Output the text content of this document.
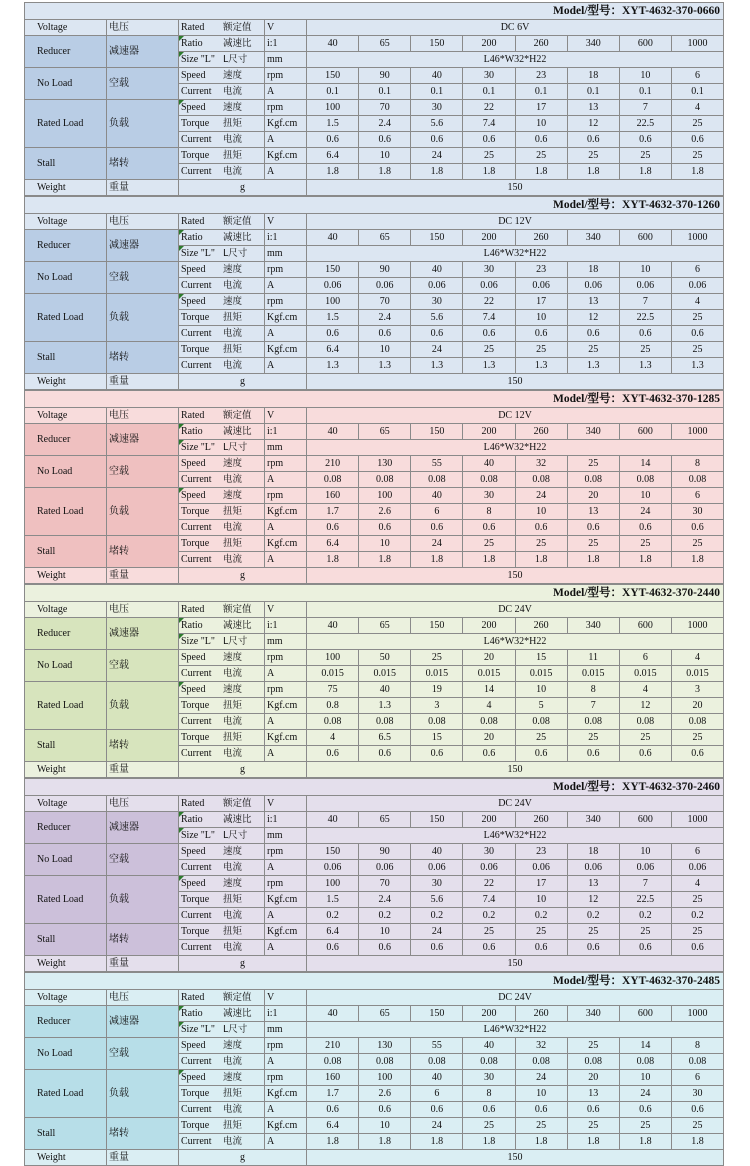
Model/型号：XYT-4632-370-0660											
Voltage	电压	Rated 额定值	V	DC 6V							
Reducer	减速器	Ratio 减速比	i:1	40	65	150	200	260	340	600	1000

Size "L" L尺寸	mm	L46*W32*H22							
No Load	空载	Speed 速度	rpm	150	90	40	30	23	18	10	6
		Current 电流	A	0.1	0.1	0.1	0.1	0.1	0.1	0.1	0.1
Rated Load	负载	Speed 速度	rpm	100	70	30	22	17	13	7	4
		Torque 扭矩	Kgf.cm	1.5	2.4	5.6	7.4	10	12	22.5	25
		Current 电流	A	0.6	0.6	0.6	0.6	0.6	0.6	0.6	0.6
Stall	堵转	Torque 扭矩	Kgf.cm	6.4	10	24	25	25	25	25	25
		Current 电流	A	1.8	1.8	1.8	1.8	1.8	1.8	1.8	1.8
Weight	重量	g		150							
Model/型号：XYT-4632-370-1260											
Voltage	电压	Rated 额定值	V	DC 12V							
Reducer	减速器	Ratio 减速比	i:1	40	65	150	200	260	340	600	1000

Size "L" L尺寸	mm	L46*W32*H22							
No Load	空载	Speed 速度	rpm	150	90	40	30	23	18	10	6
		Current 电流	A	0.06	0.06	0.06	0.06	0.06	0.06	0.06	0.06
Rated Load	负载	Speed 速度	rpm	100	70	30	22	17	13	7	4
		Torque 扭矩	Kgf.cm	1.5	2.4	5.6	7.4	10	12	22.5	25
		Current 电流	A	0.6	0.6	0.6	0.6	0.6	0.6	0.6	0.6
Stall	堵转	Torque 扭矩	Kgf.cm	6.4	10	24	25	25	25	25	25
		Current 电流	A	1.3	1.3	1.3	1.3	1.3	1.3	1.3	1.3
Weight	重量	g		150							
Model/型号：XYT-4632-370-1285											
Voltage	电压	Rated 额定值	V	DC 12V							
Reducer	减速器	Ratio 减速比	i:1	40	65	150	200	260	340	600	1000

Size "L" L尺寸	mm	L46*W32*H22							
No Load	空载	Speed 速度	rpm	210	130	55	40	32	25	14	8
		Current 电流	A	0.08	0.08	0.08	0.08	0.08	0.08	0.08	0.08
Rated Load	负载	Speed 速度	rpm	160	100	40	30	24	20	10	6
		Torque 扭矩	Kgf.cm	1.7	2.6	6	8	10	13	24	30
		Current 电流	A	0.6	0.6	0.6	0.6	0.6	0.6	0.6	0.6
Stall	堵转	Torque 扭矩	Kgf.cm	6.4	10	24	25	25	25	25	25
		Current 电流	A	1.8	1.8	1.8	1.8	1.8	1.8	1.8	1.8
Weight	重量	g		150							
Model/型号：XYT-4632-370-2440											
Voltage	电压	Rated 额定值	V	DC 24V							
Reducer	减速器	Ratio 减速比	i:1	40	65	150	200	260	340	600	1000

Size "L" L尺寸	mm	L46*W32*H22							
No Load	空载	Speed 速度	rpm	100	50	25	20	15	11	6	4
		Current 电流	A	0.015	0.015	0.015	0.015	0.015	0.015	0.015	0.015
Rated Load	负载	Speed 速度	rpm	75	40	19	14	10	8	4	3
		Torque 扭矩	Kgf.cm	0.8	1.3	3	4	5	7	12	20
		Current 电流	A	0.08	0.08	0.08	0.08	0.08	0.08	0.08	0.08
Stall	堵转	Torque 扭矩	Kgf.cm	4	6.5	15	20	25	25	25	25
		Current 电流	A	0.6	0.6	0.6	0.6	0.6	0.6	0.6	0.6
Weight	重量	g		150							
Model/型号：XYT-4632-370-2460											
Voltage	电压	Rated 额定值	V	DC 24V							
Reducer	减速器	Ratio 减速比	i:1	40	65	150	200	260	340	600	1000

Size "L" L尺寸	mm	L46*W32*H22							
No Load	空载	Speed 速度	rpm	150	90	40	30	23	18	10	6
		Current 电流	A	0.06	0.06	0.06	0.06	0.06	0.06	0.06	0.06
Rated Load	负载	Speed 速度	rpm	100	70	30	22	17	13	7	4
		Torque 扭矩	Kgf.cm	1.5	2.4	5.6	7.4	10	12	22.5	25
		Current 电流	A	0.2	0.2	0.2	0.2	0.2	0.2	0.2	0.2
Stall	堵转	Torque 扭矩	Kgf.cm	6.4	10	24	25	25	25	25	25
		Current 电流	A	0.6	0.6	0.6	0.6	0.6	0.6	0.6	0.6
Weight	重量	g		150							
Model/型号：XYT-4632-370-2485											
Voltage	电压	Rated 额定值	V	DC 24V							
Reducer	减速器	Ratio 减速比	i:1	40	65	150	200	260	340	600	1000

Size "L" L尺寸	mm	L46*W32*H22							
No Load	空载	Speed 速度	rpm	210	130	55	40	32	25	14	8
		Current 电流	A	0.08	0.08	0.08	0.08	0.08	0.08	0.08	0.08
Rated Load	负载	Speed 速度	rpm	160	100	40	30	24	20	10	6
		Torque 扭矩	Kgf.cm	1.7	2.6	6	8	10	13	24	30
		Current 电流	A	0.6	0.6	0.6	0.6	0.6	0.6	0.6	0.6
Stall	堵转	Torque 扭矩	Kgf.cm	6.4	10	24	25	25	25	25	25
		Current 电流	A	1.8	1.8	1.8	1.8	1.8	1.8	1.8	1.8
Weight	重量	g		150							
